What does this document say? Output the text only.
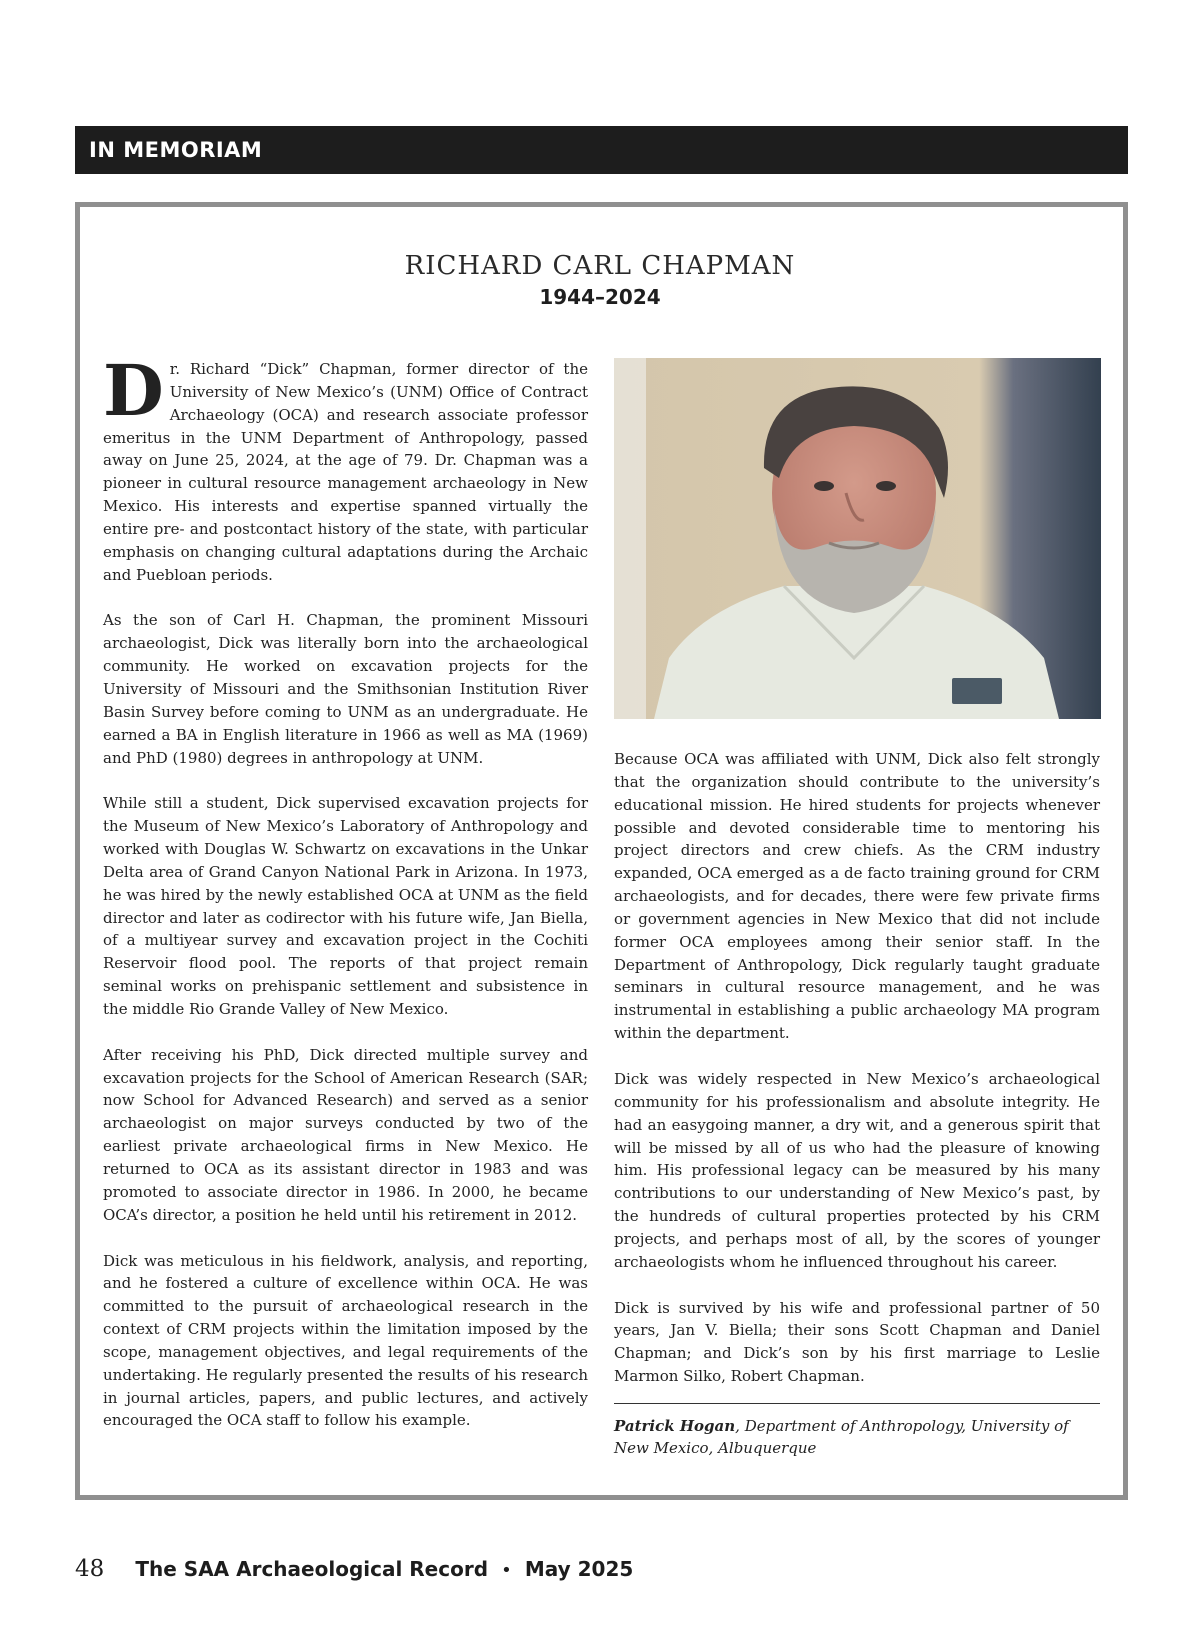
IN MEMORIAM
RICHARD CARL CHAPMAN
1944–2024

Dr. Richard “Dick” Chapman, former director of the University of New Mexico’s (UNM) Office of Contract Archaeology (OCA) and research associate professor emeritus in the UNM Department of Anthropology, passed away on June 25, 2024, at the age of 79. Dr. Chapman was a pioneer in cultural resource management archaeology in New Mexico. His interests and expertise spanned virtually the entire pre- and postcontact history of the state, with particular emphasis on changing cultural adaptations during the Archaic and Puebloan periods.

As the son of Carl H. Chapman, the prominent Missouri archaeologist, Dick was literally born into the archaeological community. He worked on excavation projects for the University of Missouri and the Smithsonian Institution River Basin Survey before coming to UNM as an undergraduate. He earned a BA in English literature in 1966 as well as MA (1969) and PhD (1980) degrees in anthropology at UNM.

While still a student, Dick supervised excavation projects for the Museum of New Mexico’s Laboratory of Anthropology and worked with Douglas W. Schwartz on excavations in the Unkar Delta area of Grand Canyon National Park in Arizona. In 1973, he was hired by the newly established OCA at UNM as the field director and later as codirector with his future wife, Jan Biella, of a multiyear survey and excavation project in the Cochiti Reservoir flood pool. The reports of that project remain seminal works on prehispanic settlement and subsistence in the middle Rio Grande Valley of New Mexico.

After receiving his PhD, Dick directed multiple survey and excavation projects for the School of American Research (SAR; now School for Advanced Research) and served as a senior archaeologist on major surveys conducted by two of the earliest private archaeological firms in New Mexico. He returned to OCA as its assistant director in 1983 and was promoted to associate director in 1986. In 2000, he became OCA’s director, a position he held until his retirement in 2012.

Dick was meticulous in his fieldwork, analysis, and reporting, and he fostered a culture of excellence within OCA. He was committed to the pursuit of archaeological research in the context of CRM projects within the limitation imposed by the scope, management objectives, and legal requirements of the undertaking. He regularly presented the results of his research in journal articles, papers, and public lectures, and actively encouraged the OCA staff to follow his example.

Because OCA was affiliated with UNM, Dick also felt strongly that the organization should contribute to the university’s educational mission. He hired students for projects whenever possible and devoted considerable time to mentoring his project directors and crew chiefs. As the CRM industry expanded, OCA emerged as a de facto training ground for CRM archaeologists, and for decades, there were few private firms or government agencies in New Mexico that did not include former OCA employees among their senior staff. In the Department of Anthropology, Dick regularly taught graduate seminars in cultural resource management, and he was instrumental in establishing a public archaeology MA program within the department.

Dick was widely respected in New Mexico’s archaeological community for his professionalism and absolute integrity. He had an easygoing manner, a dry wit, and a generous spirit that will be missed by all of us who had the pleasure of knowing him. His professional legacy can be measured by his many contributions to our understanding of New Mexico’s past, by the hundreds of cultural properties protected by his CRM projects, and perhaps most of all, by the scores of younger archaeologists whom he influenced throughout his career.

Dick is survived by his wife and professional partner of 50 years, Jan V. Biella; their sons Scott Chapman and Daniel Chapman; and Dick’s son by his first marriage to Leslie Marmon Silko, Robert Chapman.

Patrick Hogan, Department of Anthropology, University of New Mexico, Albuquerque
48 The SAA Archaeological Record • May 2025
